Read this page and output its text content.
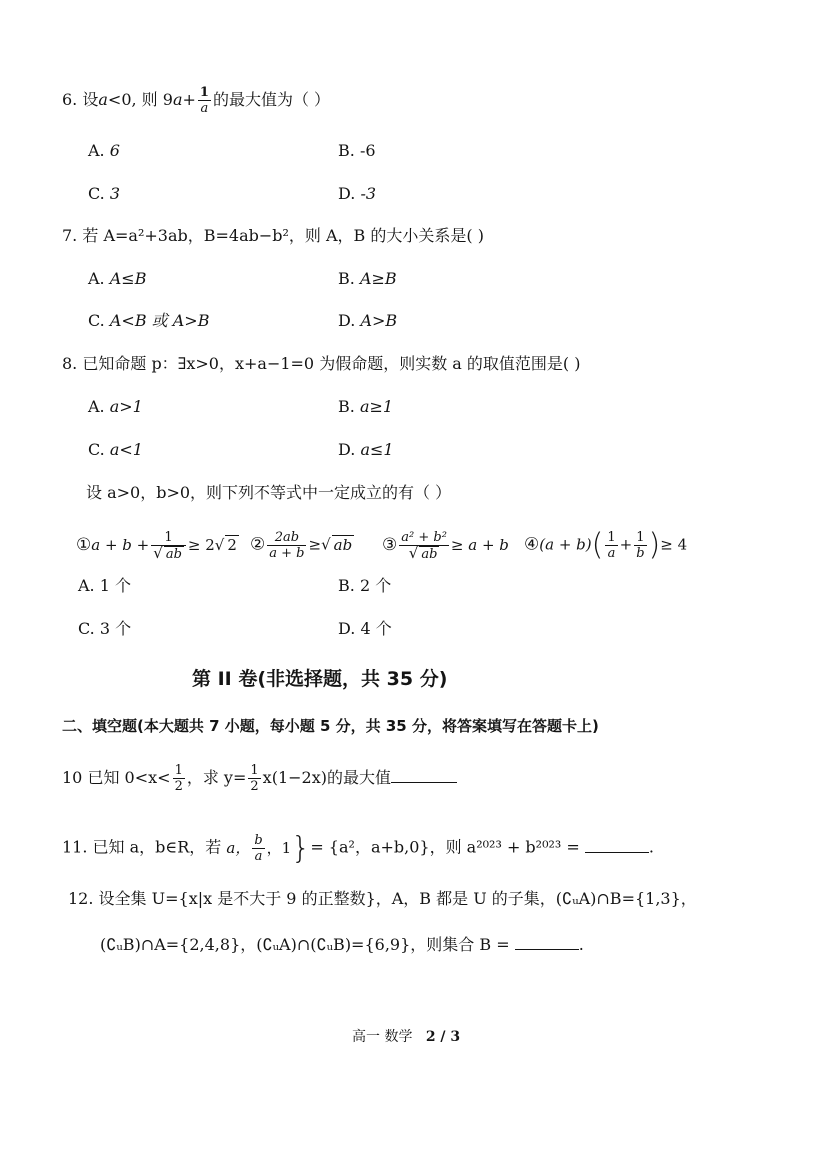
6. 设a<0, 则 $9a+ \frac{1}{a}$ 的最大值为（ ）
A. 6	B. -6
C. 3	D. -3
7. 若 A=a²+3ab，B=4ab−b²，则 A，B 的大小关系是( )
A. A≤B	B. A≥B
C. A<B 或 A>B	D. A>B
8. 已知命题 p：∃x>0，x+a−1=0 为假命题，则实数 a 的取值范围是( )
A. a>1	B. a≥1
C. a<1	D. a≤1
设 a>0，b>0，则下列不等式中一定成立的有（ ）
①a + $b + \frac{1}{√ ab} \ge 2√$ 2 ② $\frac{2ab}{a + b}$ ≥√ ab ③ $\frac{\text{a² + b²}}{√ ab} \ge a + b$ ④(a + $b)( \frac{1}{a} + \frac{1}{b}$ )≥ 4
A. 1 个	B. 2 个
C. 3 个	D. 4 个
第 II 卷(非选择题，共 35 分)
二、填空题(本大题共 7 小题，每小题 5 分，共 35 分，将答案填写在答题卡上)
10 已知 $0<x< \frac{1}{2}$ ，求 $y= \frac{1}{2} x(1-2x)$的最大值
11. 已知 a，b∈R，若 a， $\frac{b}{a}$ ，1}= {a²，a+b,0}，则 a²⁰²³ + b²⁰²³ =	.
12. 设全集 U={x|x 是不大于 9 的正整数}，A，B 都是 U 的子集，(∁ᵤA)∩B={1,3}，
(∁ᵤB)∩A={2,4,8}，(∁ᵤA)∩(∁ᵤB)={6,9}，则集合 B =	.
高一 数学 2 / 3
